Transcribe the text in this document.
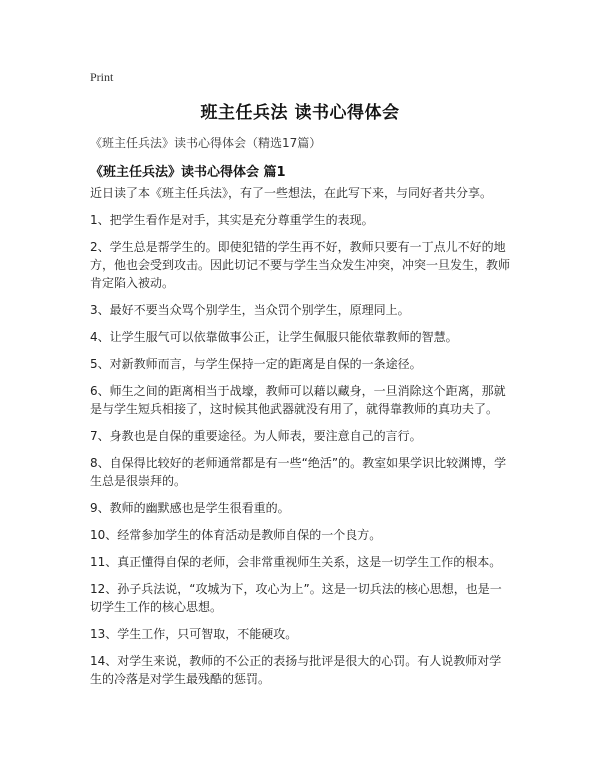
Print
班主任兵法 读书心得体会
《班主任兵法》读书心得体会（精选17篇）
《班主任兵法》读书心得体会 篇1

近日读了本《班主任兵法》，有了一些想法，在此写下来，与同好者共分享。

1、把学生看作是对手，其实是充分尊重学生的表现。

2、学生总是帮学生的。即使犯错的学生再不好，教师只要有一丁点儿不好的地方，他也会受到攻击。因此切记不要与学生当众发生冲突，冲突一旦发生，教师肯定陷入被动。

3、最好不要当众骂个别学生，当众罚个别学生，原理同上。

4、让学生服气可以依靠做事公正，让学生佩服只能依靠教师的智慧。

5、对新教师而言，与学生保持一定的距离是自保的一条途径。

6、师生之间的距离相当于战壕，教师可以藉以藏身，一旦消除这个距离，那就是与学生短兵相接了，这时候其他武器就没有用了，就得靠教师的真功夫了。

7、身教也是自保的重要途径。为人师表，要注意自己的言行。

8、自保得比较好的老师通常都是有一些“绝活”的。教室如果学识比较渊博，学生总是很崇拜的。

9、教师的幽默感也是学生很看重的。

10、经常参加学生的体育活动是教师自保的一个良方。

11、真正懂得自保的老师，会非常重视师生关系，这是一切学生工作的根本。

12、孙子兵法说，“攻城为下，攻心为上”。这是一切兵法的核心思想，也是一切学生工作的核心思想。

13、学生工作，只可智取，不能硬攻。

14、对学生来说，教师的不公正的表扬与批评是很大的心罚。有人说教师对学生的冷落是对学生最残酷的惩罚。
